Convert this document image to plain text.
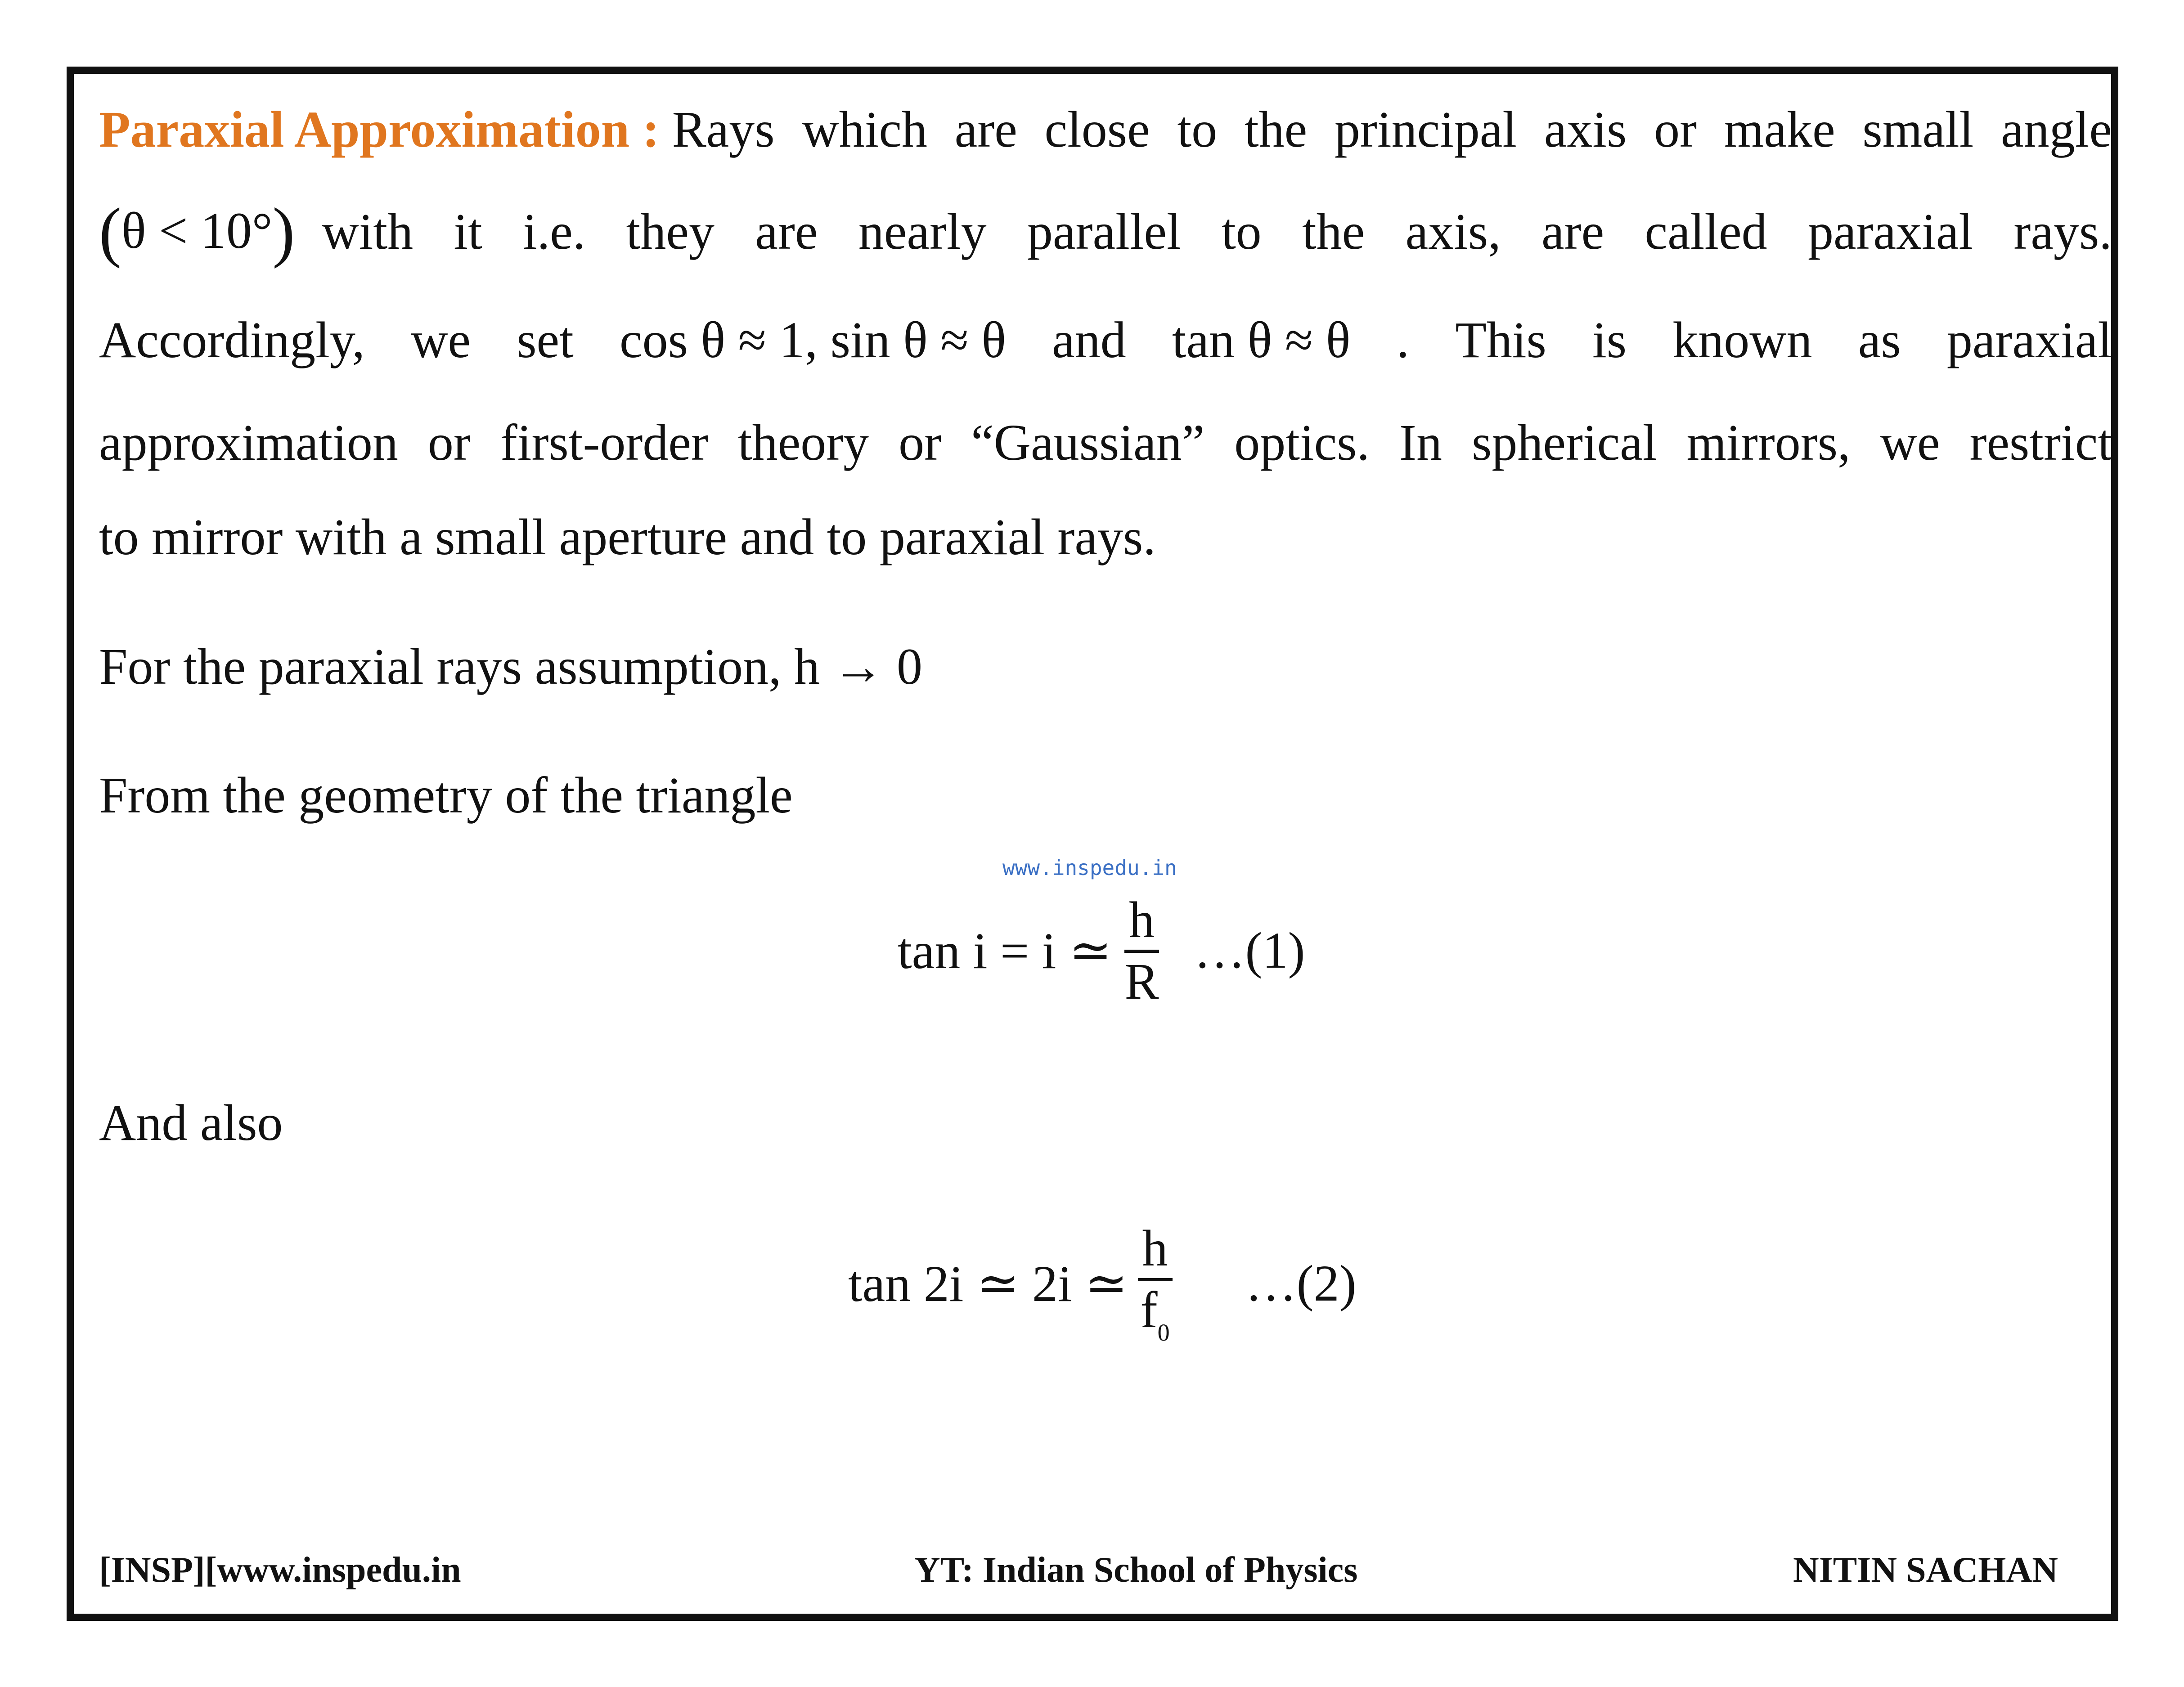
Paraxial Approximation : Rays which are close to the principal axis or make small angle
(θ < 10°) with it i.e. they are nearly parallel to the axis, are called paraxial rays.
Accordingly, we set cos θ ≈ 1, sin θ ≈ θ and tan θ ≈ θ . This is known as paraxial
approximation or first-order theory or “Gaussian” optics. In spherical mirrors, we restrict
to mirror with a small aperture and to paraxial rays.
For the paraxial rays assumption, h → 0
From the geometry of the triangle
www.inspedu.in
tan i = i ≃ $\frac{h}{R}$ …(1)
And also
tan 2i ≃ 2i ≃ $\frac{h}{f_0}$ …(2)
[INSP][www.inspedu.in	YT: Indian School of Physics	NITIN SACHAN
